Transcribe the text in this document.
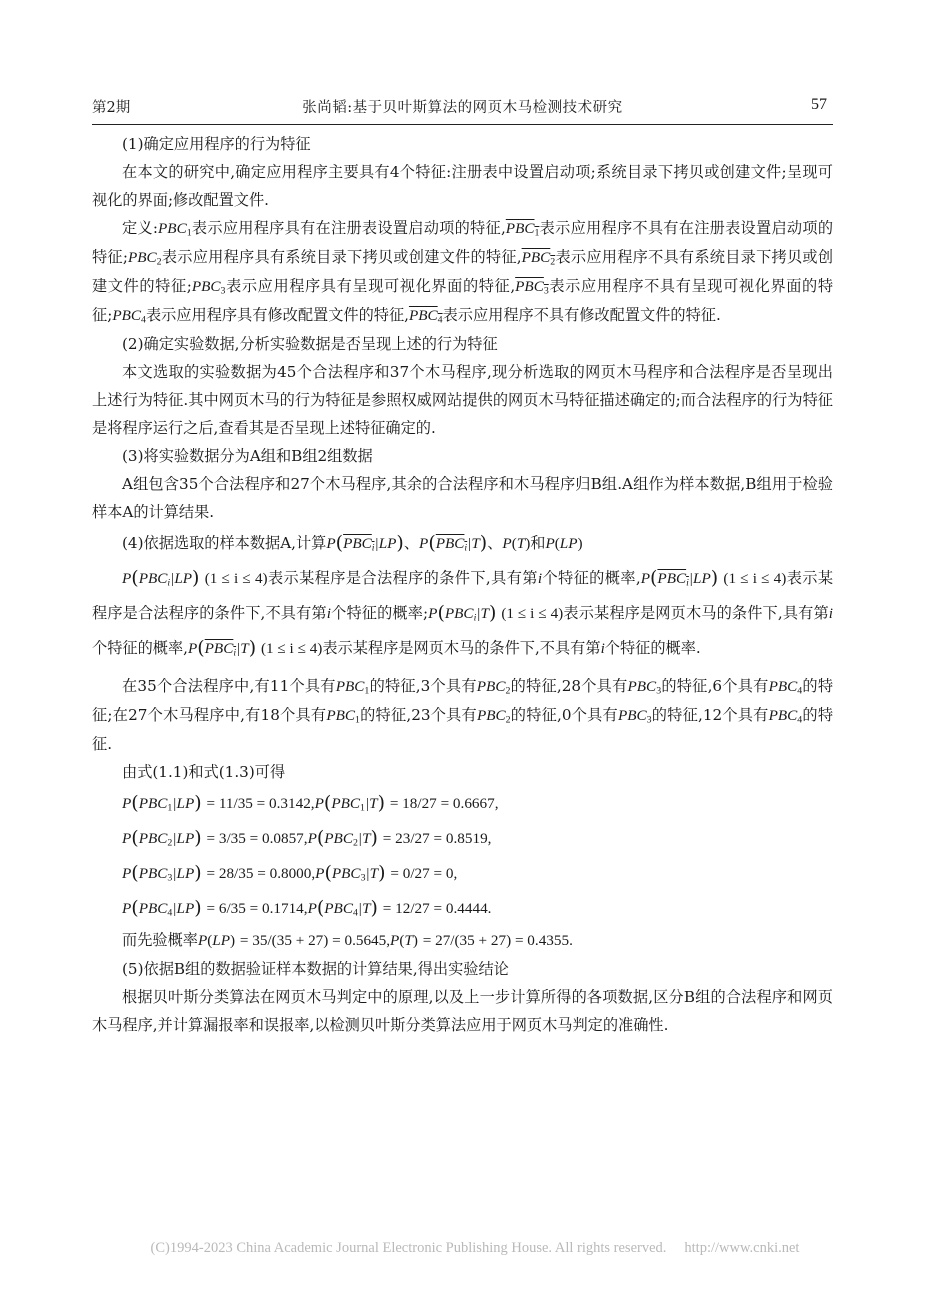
第2期	张尚韬:基于贝叶斯算法的网页木马检测技术研究	57

(1)确定应用程序的行为特征

在本文的研究中,确定应用程序主要具有4个特征:注册表中设置启动项;系统目录下拷贝或创建文件;呈现可视化的界面;修改配置文件.

定义$:PBC_1$表示应用程序具有在注册表设置启动项的特征$,\overline{PBC}_1$表示应用程序不具有在注册表设置启动项的特征$;PBC_2$表示应用程序具有系统目录下拷贝或创建文件的特征$,\overline{PBC}_2$表示应用程序不具有系统目录下拷贝或创建文件的特征$;PBC_3$表示应用程序具有呈现可视化界面的特征$,\overline{PBC}_3$表示应用程序不具有呈现可视化界面的特征$;PBC_4$表示应用程序具有修改配置文件的特征$,\overline{PBC}_4$表示应用程序不具有修改配置文件的特征.

(2)确定实验数据,分析实验数据是否呈现上述的行为特征

本文选取的实验数据为45个合法程序和37个木马程序,现分析选取的网页木马程序和合法程序是否呈现出上述行为特征.其中网页木马的行为特征是参照权威网站提供的网页木马特征描述确定的;而合法程序的行为特征是将程序运行之后,查看其是否呈现上述特征确定的.

(3)将实验数据分为A组和B组2组数据

A组包含35个合法程序和27个木马程序,其余的合法程序和木马程序归B组.A组作为样本数据,B组用于检验样本A的计算结果.

(4)依据选取的样本数据A,计算$P(\overline{PBC}_{\overline{i}}|LP)$、$P(\overline{PBC}_{\overline{i}}|T)$、P(T)和P(LP)

$P(PBC_i|LP) (1 \le i \le 4)$表示某程序是合法程序的条件下,具有第i个特征的概率$,P(\overline{PBC}_{\overline{i}}|LP) (1 \le i \le 4)$表示某程序是合法程序的条件下,不具有第i个特征的概率$;P(PBC_i|T) (1 \le i \le 4)$表示某程序是网页木马的条件下,具有第i个特征的概率$,P(\overline{PBC}_{\overline{i}}|T) (1 \le i \le 4)$表示某程序是网页木马的条件下,不具有第i个特征的概率.

在35个合法程序中,有11个具有$PBC_1$的特征,3个具有$PBC_2$的特征,28个具有$PBC_3$的特征,6个具有$PBC_4$的特征;在27个木马程序中,有18个具有$PBC_1$的特征,23个具有$PBC_2$的特征,0个具有$PBC_3$的特征,12个具有$PBC_4$的特征.

由式(1.1)和式(1.3)可得

$P(PBC_1|LP) = 11/35 = 0.3142,P(PBC_1|T) = 18/27 = 0.6667$,
$P(PBC_2|LP) = 3/35 = 0.0857,P(PBC_2|T) = 23/27 = 0.8519$,
$P(PBC_3|LP) = 28/35 = 0.8000,P(PBC_3|T) = 0/27 = 0$,
$P(PBC_4|LP) = 6/35 = 0.1714,P(PBC_4|T) = 12/27 = 0.4444$.

而先验概率P(LP) = 35/(35 + 27) = 0.5645,P(T) = 27/(35 + 27) = 0.4355.

(5)依据B组的数据验证样本数据的计算结果,得出实验结论

根据贝叶斯分类算法在网页木马判定中的原理,以及上一步计算所得的各项数据,区分B组的合法程序和网页木马程序,并计算漏报率和误报率,以检测贝叶斯分类算法应用于网页木马判定的准确性.

(C)1994-2023 China Academic Journal Electronic Publishing House. All rights reserved. http://www.cnki.net
